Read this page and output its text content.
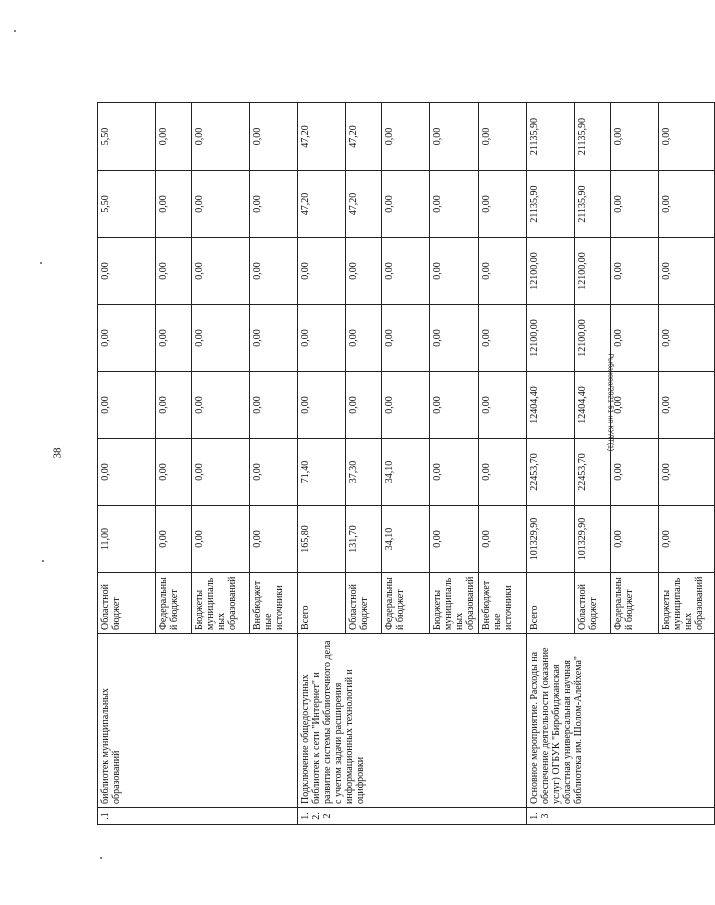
38
Рыбакова/2021-51-нп-КУЛТ(1)
.1	библиотек муниципальных образований	Областной бюджет	11,00	0,00	0,00	0,00	0,00	5,50	5,50
		Федеральный бюджет	0,00	0,00	0,00	0,00	0,00	0,00	0,00
		Бюджеты муниципальных образований	0,00	0,00	0,00	0,00	0,00	0,00	0,00
		Внебюджетные источники	0,00	0,00	0,00	0,00	0,00	0,00	0,00
1.2.2	Подключение общедоступных библиотек к сети "Интернет" и развитие системы библиотечного дела с учетом задачи расширения информационных технологий и оцифровки	Всего	165,80	71,40	0,00	0,00	0,00	47,20	47,20
		Областной бюджет	131,70	37,30	0,00	0,00	0,00	47,20	47,20
		Федеральный бюджет	34,10	34,10	0,00	0,00	0,00	0,00	0,00
		Бюджеты муниципальных образований	0,00	0,00	0,00	0,00	0,00	0,00	0,00
		Внебюджетные источники	0,00	0,00	0,00	0,00	0,00	0,00	0,00
1.3	Основное мероприятие. Расходы на обеспечение деятельности (оказание услуг) ОГБУК "Биробиджанская областная универсальная научная библиотека им. Шолом-Алейхема"	Всего	101329,90	22453,70	12404,40	12100,00	12100,00	21135,90	21135,90
		Областной бюджет	101329,90	22453,70	12404,40	12100,00	12100,00	21135,90	21135,90
		Федеральный бюджет	0,00	0,00	0,00	0,00	0,00	0,00	0,00
		Бюджеты муниципальных образований	0,00	0,00	0,00	0,00	0,00	0,00	0,00
